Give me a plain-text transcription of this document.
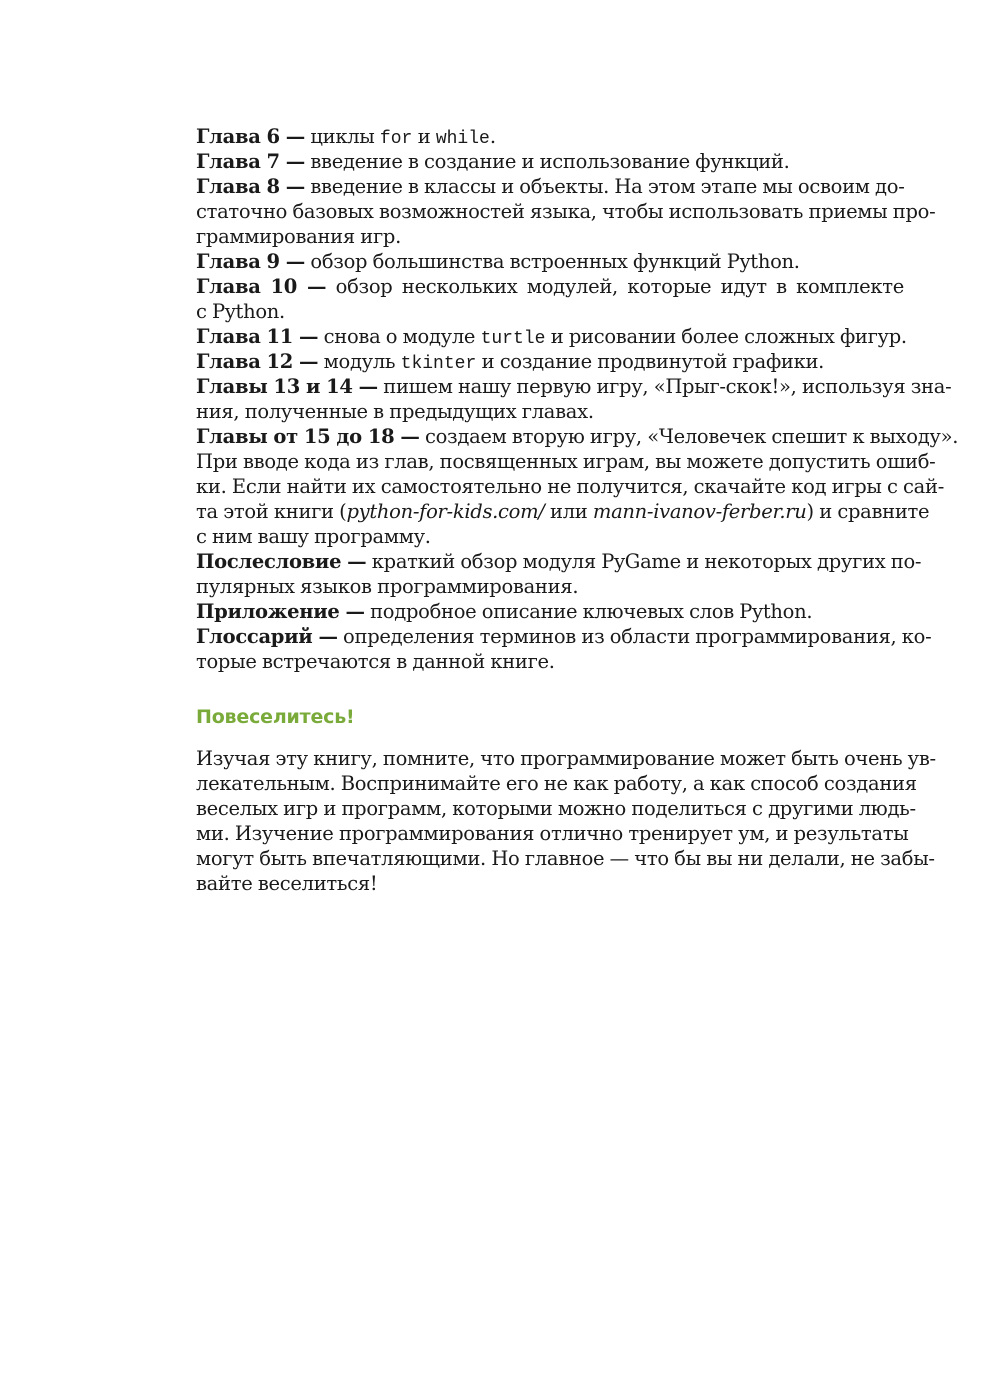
Глава 6 — циклы for и while.
Глава 7 — введение в создание и использование функций.
Глава 8 — введение в классы и объекты. На этом этапе мы освоим до-
статочно базовых возможностей языка, чтобы использовать приемы про-
граммирования игр.
Глава 9 — обзор большинства встроенных функций Python.
Глава 10 — обзор нескольких модулей, которые идут в комплекте
с Python.
Глава 11 — снова о модуле turtle и рисовании более сложных фигур.
Глава 12 — модуль tkinter и создание продвинутой графики.
Главы 13 и 14 — пишем нашу первую игру, «Прыг-скок!», используя зна-
ния, полученные в предыдущих главах.
Главы от 15 до 18 — создаем вторую игру, «Человечек спешит к выходу».
При вводе кода из глав, посвященных играм, вы можете допустить ошиб-
ки. Если найти их самостоятельно не получится, скачайте код игры с сай-
та этой книги (python-for-kids.com/ или mann-ivanov-ferber.ru) и сравните
с ним вашу программу.
Послесловие — краткий обзор модуля PyGame и некоторых других по-
пулярных языков программирования.
Приложение — подробное описание ключевых слов Python.
Глоссарий — определения терминов из области программирования, ко-
торые встречаются в данной книге.
Повеселитесь!
Изучая эту книгу, помните, что программирование может быть очень ув-
лекательным. Воспринимайте его не как работу, а как способ создания
веселых игр и программ, которыми можно поделиться с другими людь-
ми. Изучение программирования отлично тренирует ум, и результаты
могут быть впечатляющими. Но главное — что бы вы ни делали, не забы-
вайте веселиться!
